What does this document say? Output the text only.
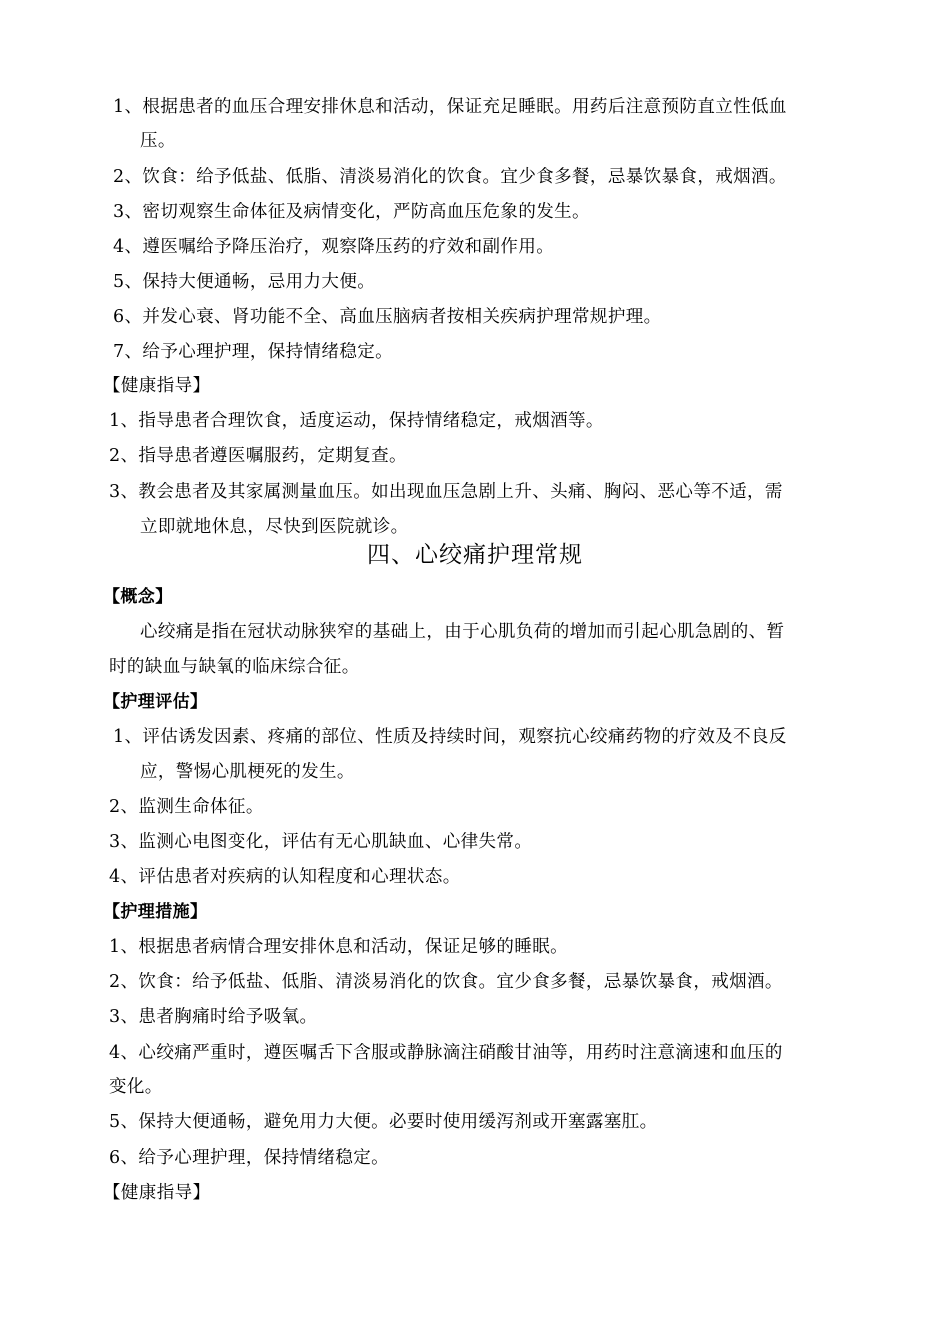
1、根据患者的血压合理安排休息和活动，保证充足睡眠。用药后注意预防直立性低血
压。
2、饮食：给予低盐、低脂、清淡易消化的饮食。宜少食多餐，忌暴饮暴食，戒烟酒。
3、密切观察生命体征及病情变化，严防高血压危象的发生。
4、遵医嘱给予降压治疗，观察降压药的疗效和副作用。
5、保持大便通畅，忌用力大便。
6、并发心衰、肾功能不全、高血压脑病者按相关疾病护理常规护理。
7、给予心理护理，保持情绪稳定。
【健康指导】
1、指导患者合理饮食，适度运动，保持情绪稳定，戒烟酒等。
2、指导患者遵医嘱服药，定期复查。
3、教会患者及其家属测量血压。如出现血压急剧上升、头痛、胸闷、恶心等不适，需
立即就地休息，尽快到医院就诊。
四、心绞痛护理常规
【概念】
心绞痛是指在冠状动脉狭窄的基础上，由于心肌负荷的增加而引起心肌急剧的、暂
时的缺血与缺氧的临床综合征。
【护理评估】
1、评估诱发因素、疼痛的部位、性质及持续时间，观察抗心绞痛药物的疗效及不良反
应，警惕心肌梗死的发生。
2、监测生命体征。
3、监测心电图变化，评估有无心肌缺血、心律失常。
4、评估患者对疾病的认知程度和心理状态。
【护理措施】
1、根据患者病情合理安排休息和活动，保证足够的睡眠。
2、饮食：给予低盐、低脂、清淡易消化的饮食。宜少食多餐，忌暴饮暴食，戒烟酒。
3、患者胸痛时给予吸氧。
4、心绞痛严重时，遵医嘱舌下含服或静脉滴注硝酸甘油等，用药时注意滴速和血压的
变化。
5、保持大便通畅，避免用力大便。必要时使用缓泻剂或开塞露塞肛。
6、给予心理护理，保持情绪稳定。
【健康指导】
